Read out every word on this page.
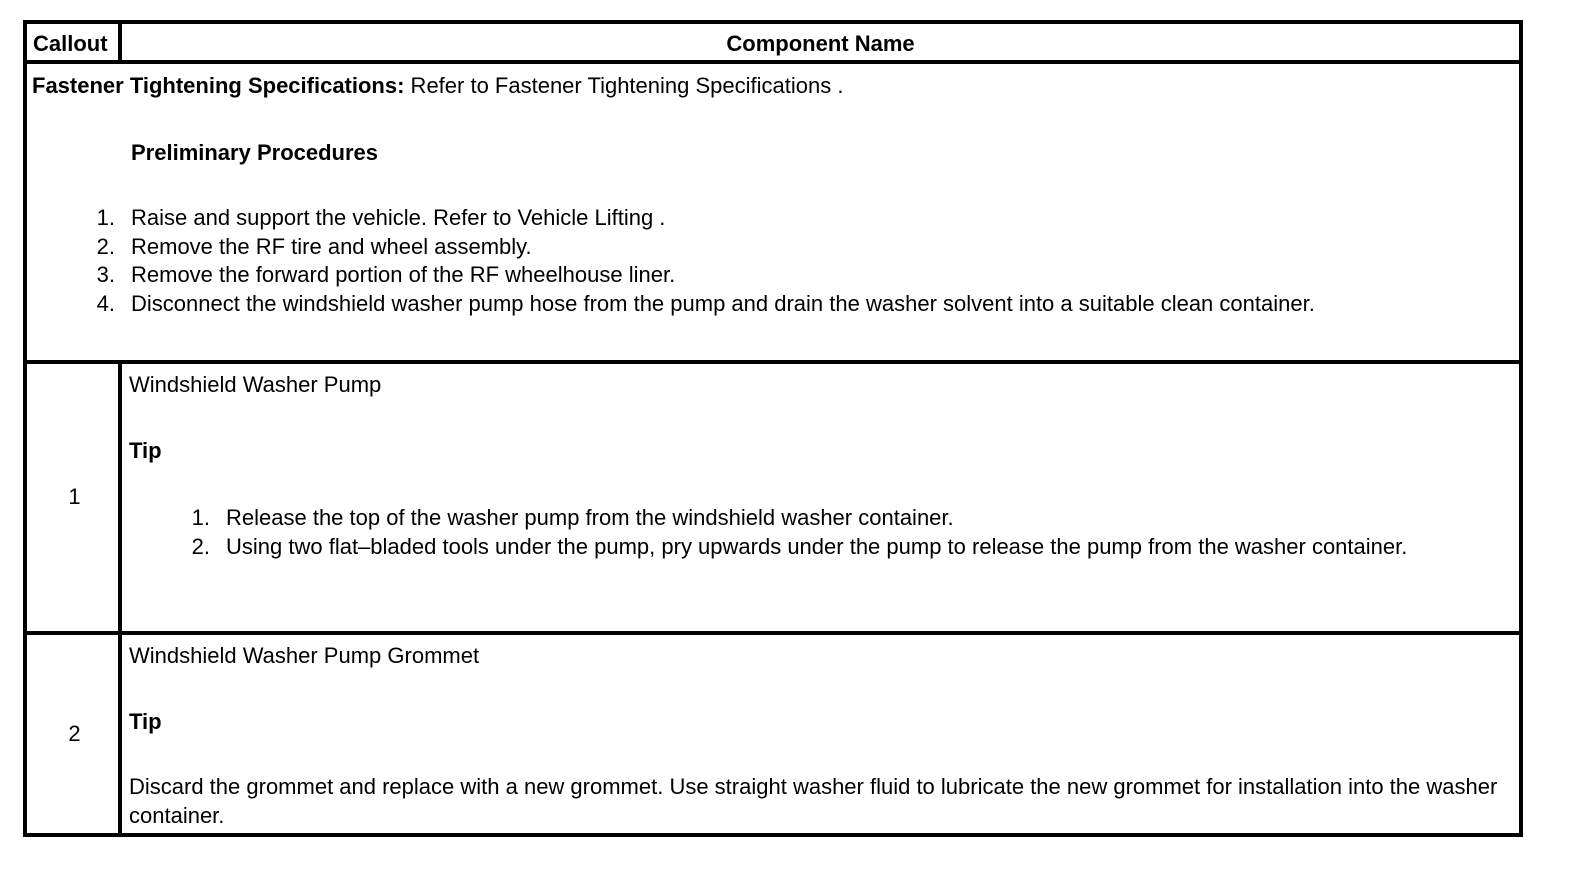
Callout	Component Name
Fastener Tightening Specifications: Refer to Fastener Tightening Specifications .
Preliminary Procedures
1. Raise and support the vehicle. Refer to Vehicle Lifting .
2. Remove the RF tire and wheel assembly.
3. Remove the forward portion of the RF wheelhouse liner.
4. Disconnect the windshield washer pump hose from the pump and drain the washer solvent into a suitable clean container.
1
Windshield Washer Pump
Tip
1. Release the top of the washer pump from the windshield washer container.
2. Using two flat–bladed tools under the pump, pry upwards under the pump to release the pump from the washer container.
2
Windshield Washer Pump Grommet
Tip
Discard the grommet and replace with a new grommet. Use straight washer fluid to lubricate the new grommet for installation into the washer container.
